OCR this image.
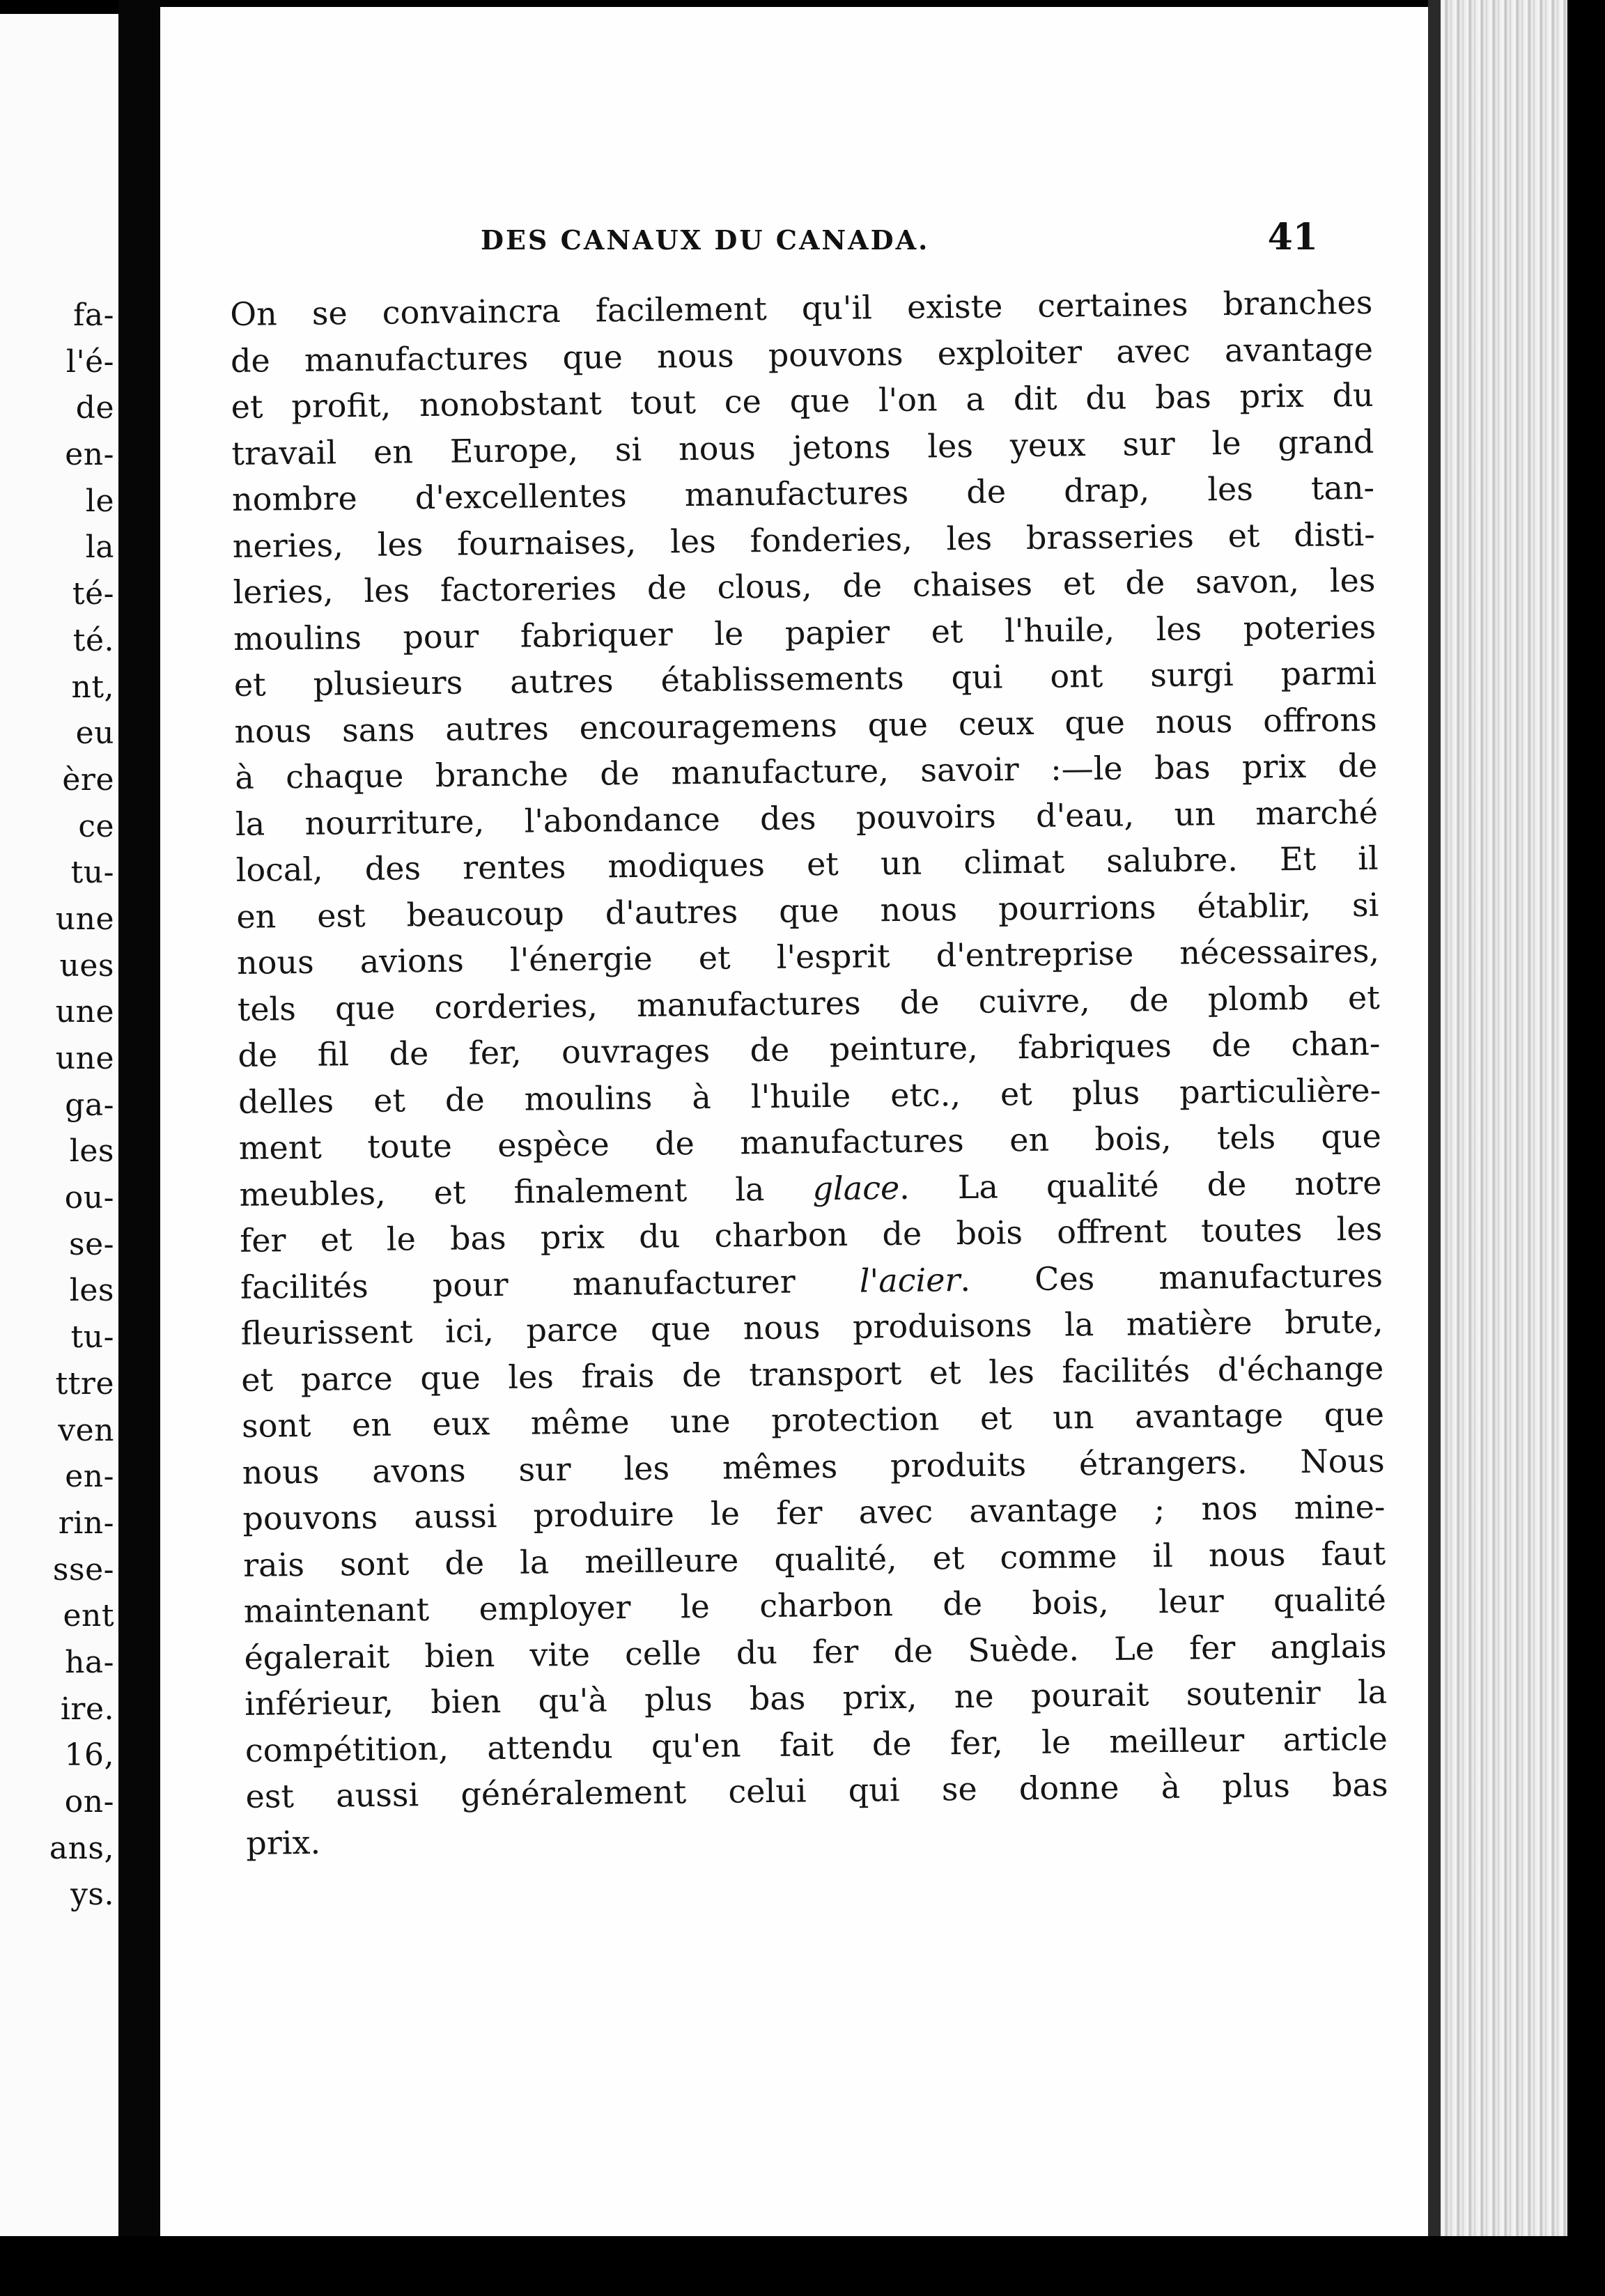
fa-
l'é-
de
en-
le
la
té-
té.
nt,
eu
ère
ce
tu-
une
ues
une
une
ga-
les
ou-
se-
les
tu-
ttre
ven
en-
rin-
sse-
ent
ha-
ire.
16,
on-
ans,
ys.
DES CANAUX DU CANADA.	41
On se convaincra facilement qu'il existe certaines branches
de manufactures que nous pouvons exploiter avec avantage
et profit, nonobstant tout ce que l'on a dit du bas prix du
travail en Europe, si nous jetons les yeux sur le grand
nombre d'excellentes manufactures de drap, les tan-
neries, les fournaises, les fonderies, les brasseries et disti-
leries, les factoreries de clous, de chaises et de savon, les
moulins pour fabriquer le papier et l'huile, les poteries
et plusieurs autres établissements qui ont surgi parmi
nous sans autres encouragemens que ceux que nous offrons
à chaque branche de manufacture, savoir :—le bas prix de
la nourriture, l'abondance des pouvoirs d'eau, un marché
local, des rentes modiques et un climat salubre. Et il
en est beaucoup d'autres que nous pourrions établir, si
nous avions l'énergie et l'esprit d'entreprise nécessaires,
tels que corderies, manufactures de cuivre, de plomb et
de fil de fer, ouvrages de peinture, fabriques de chan-
delles et de moulins à l'huile etc., et plus particulière-
ment toute espèce de manufactures en bois, tels que
meubles, et finalement la glace. La qualité de notre
fer et le bas prix du charbon de bois offrent toutes les
facilités pour manufacturer l'acier. Ces manufactures
fleurissent ici, parce que nous produisons la matière brute,
et parce que les frais de transport et les facilités d'échange
sont en eux même une protection et un avantage que
nous avons sur les mêmes produits étrangers. Nous
pouvons aussi produire le fer avec avantage ; nos mine-
rais sont de la meilleure qualité, et comme il nous faut
maintenant employer le charbon de bois, leur qualité
égalerait bien vite celle du fer de Suède. Le fer anglais
inférieur, bien qu'à plus bas prix, ne pourait soutenir la
compétition, attendu qu'en fait de fer, le meilleur article
est aussi généralement celui qui se donne à plus bas
prix.
